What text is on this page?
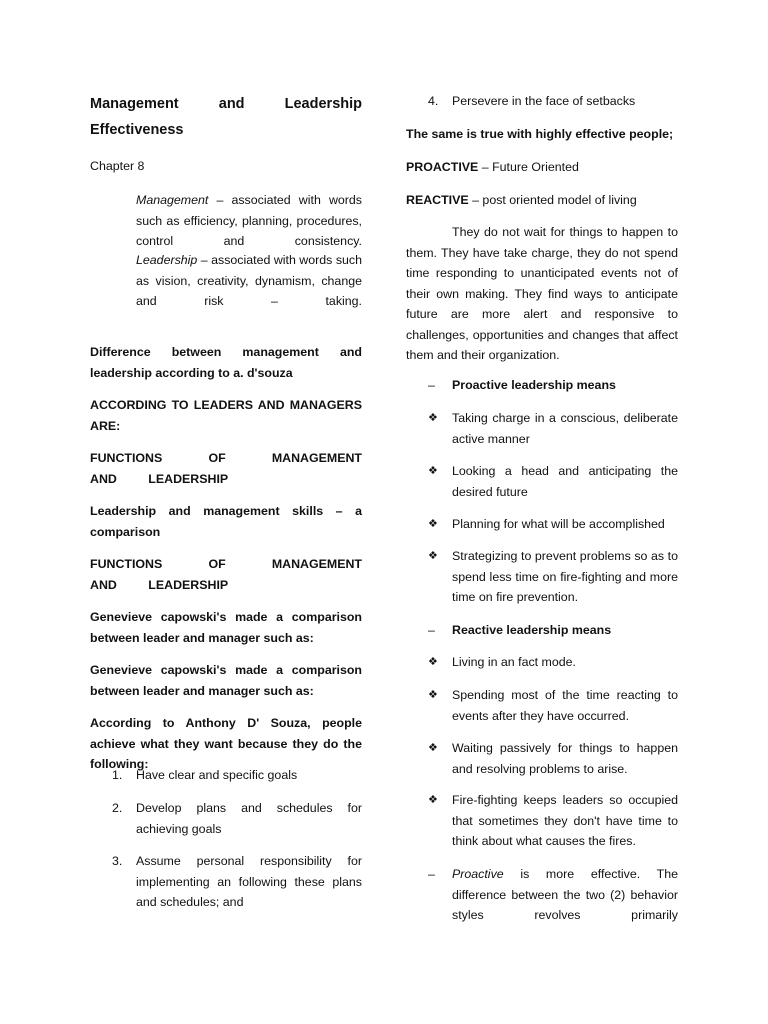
Management	and	Leadership
Effectiveness

Chapter 8

Management – associated with words such as efficiency, planning, procedures, control and consistency.

Leadership – associated with words such as vision, creativity, dynamism, change and risk – taking.

Difference between management and leadership according to a. d'souza

ACCORDING TO LEADERS AND MANAGERS ARE:

FUNCTIONS OF MANAGEMENT AND LEADERSHIP

Leadership and management skills – a comparison

FUNCTIONS OF MANAGEMENT AND LEADERSHIP

Genevieve capowski's made a comparison between leader and manager such as:

Genevieve capowski's made a comparison between leader and manager such as:

According to Anthony D' Souza, people achieve what they want because they do the following:

1. Have clear and specific goals

2. Develop plans and schedules for achieving goals

3. Assume personal responsibility for implementing an following these plans and schedules; and

4. Persevere in the face of setbacks

The same is true with highly effective people;

PROACTIVE – Future Oriented

REACTIVE – post oriented model of living

They do not wait for things to happen to them. They have take charge, they do not spend time responding to unanticipated events not of their own making. They find ways to anticipate future are more alert and responsive to challenges, opportunities and changes that affect them and their organization.

– Proactive leadership means

❖ Taking charge in a conscious, deliberate active manner

❖ Looking a head and anticipating the desired future

❖ Planning for what will be accomplished

❖ Strategizing to prevent problems so as to spend less time on fire-fighting and more time on fire prevention.

– Reactive leadership means

❖ Living in an fact mode.

❖ Spending most of the time reacting to events after they have occurred.

❖ Waiting passively for things to happen and resolving problems to arise.

❖ Fire-fighting keeps leaders so occupied that sometimes they don't have time to think about what causes the fires.

– Proactive is more effective. The difference between the two (2) behavior styles revolves primarily
